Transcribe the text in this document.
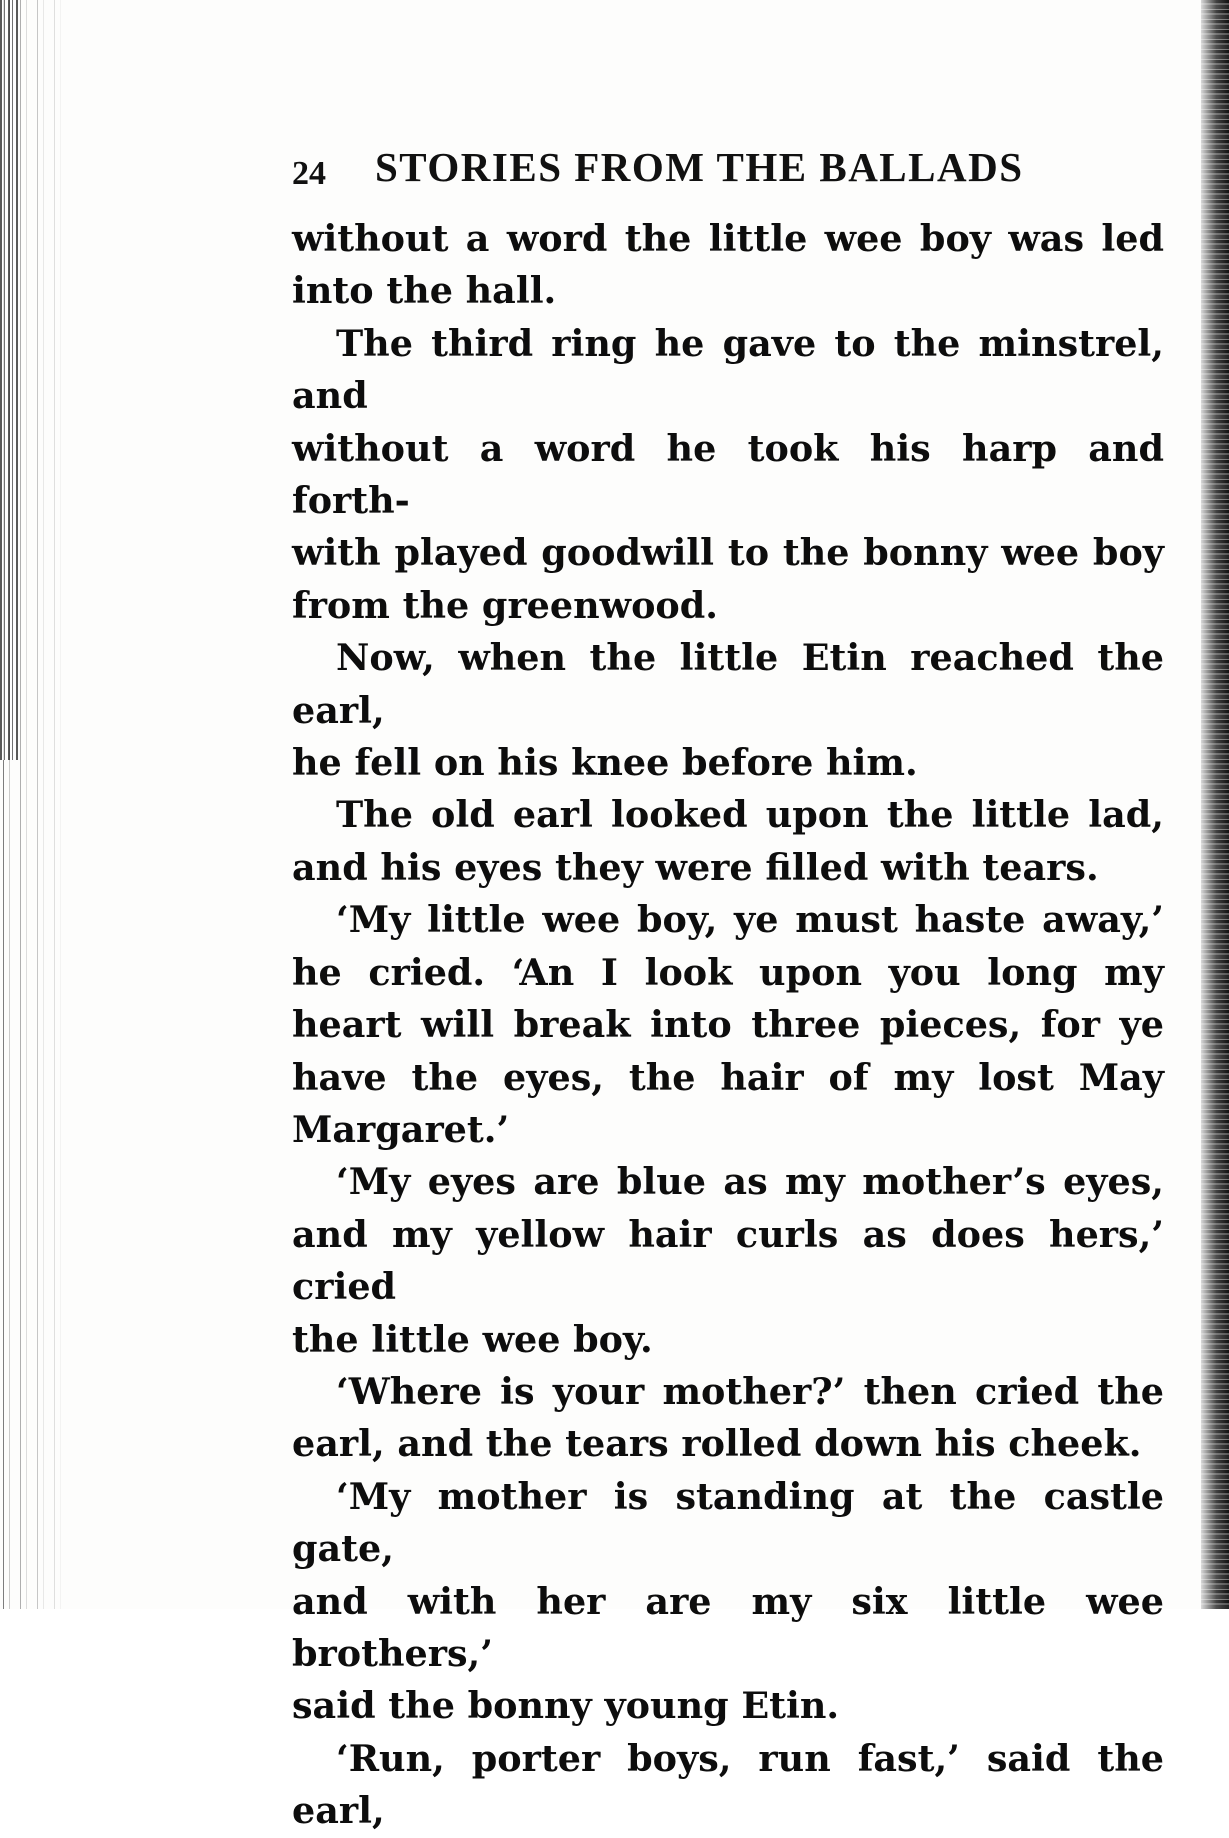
24 STORIES FROM THE BALLADS

without a word the little wee boy was led

into the hall.

The third ring he gave to the minstrel, and

without a word he took his harp and forth-

with played goodwill to the bonny wee boy

from the greenwood.

Now, when the little Etin reached the earl,

he fell on his knee before him.

The old earl looked upon the little lad,

and his eyes they were filled with tears.

‘My little wee boy, ye must haste away,’

he cried. ‘An I look upon you long my

heart will break into three pieces, for ye

have the eyes, the hair of my lost May

Margaret.’

‘My eyes are blue as my mother’s eyes,

and my yellow hair curls as does hers,’ cried

the little wee boy.

‘Where is your mother?’ then cried the

earl, and the tears rolled down his cheek.

‘My mother is standing at the castle gate,

and with her are my six little wee brothers,’

said the bonny young Etin.

‘Run, porter boys, run fast,’ said the earl,
